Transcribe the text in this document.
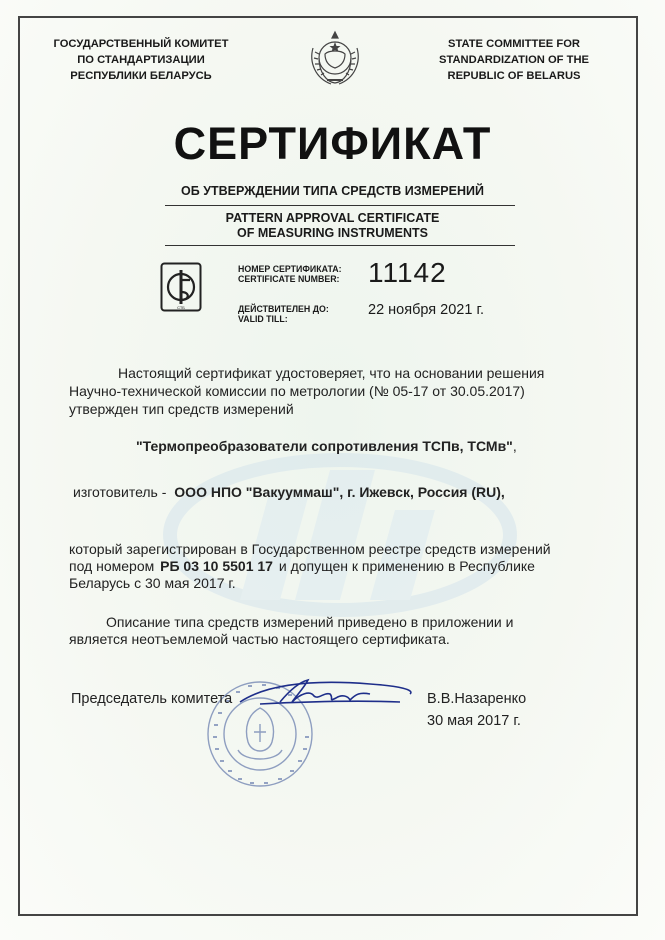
ГОСУДАРСТВЕННЫЙ КОМИТЕТ
ПО СТАНДАРТИЗАЦИИ
РЕСПУБЛИКИ БЕЛАРУСЬ
STATE COMMITTEE FOR
STANDARDIZATION OF THE
REPUBLIC OF BELARUS
СЕРТИФИКАТ
ОБ УТВЕРЖДЕНИИ ТИПА СРЕДСТВ ИЗМЕРЕНИЙ
PATTERN APPROVAL CERTIFICATE
OF MEASURING INSTRUMENTS
СТБ
НОМЕР СЕРТИФИКАТА:
CERTIFICATE NUMBER: 11142
ДЕЙСТВИТЕЛЕН ДО:
VALID TILL:
22 ноября 2021 г.
Настоящий сертификат удостоверяет, что на основании решения
Научно-технической комиссии по метрологии (№ 05-17 от 30.05.2017)
утвержден тип средств измерений
"Термопреобразователи сопротивления ТСПв, ТСМв",
изготовитель - ООО НПО "Вакууммаш", г. Ижевск, Россия (RU),
который зарегистрирован в Государственном реестре средств измерений
под номером РБ 03 10 5501 17 и допущен к применению в Республике
Беларусь с 30 мая 2017 г.
Описание типа средств измерений приведено в приложении и
является неотъемлемой частью настоящего сертификата.
Председатель комитета	В.В.Назаренко
30 мая 2017 г.
